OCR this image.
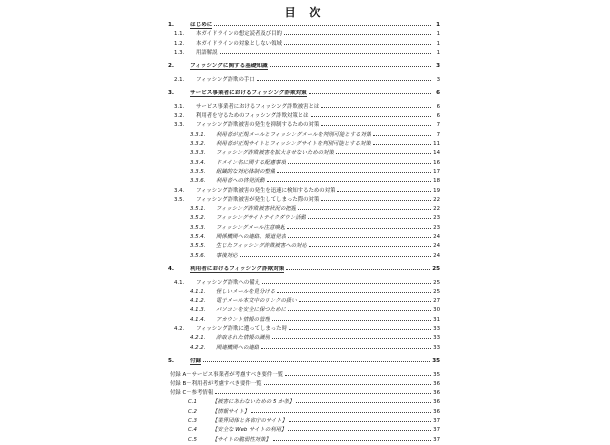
目 次
1.	はじめに	1
1.1.	本ガイドラインの想定読者及び目的	1
1.2.	本ガイドラインの対象としない領域	1
1.3.	用語解説	1
2.	フィッシングに関する基礎知識	3
2.1.	フィッシング詐欺の手口	3
3.	サービス事業者におけるフィッシング詐欺対策	6
3.1.	サービス事業者におけるフィッシング詐欺被害とは	6
3.2.	利用者を守るためのフィッシング詐欺対策とは	6
3.3.	フィッシング詐欺被害の発生を抑制するための対策	7
3.3.1.	利用者が正規メールとフィッシングメールを判別可能とする対策	7
3.3.2.	利用者が正規サイトとフィッシングサイトを判別可能とする対策	11
3.3.3.	フィッシング詐欺被害を拡大させないための対策	14
3.3.4.	ドメイン名に関する配慮事項	16
3.3.5.	組織的な対応体制の整備	17
3.3.6.	利用者への啓発活動	18
3.4.	フィッシング詐欺被害の発生を迅速に検知するための対策	19
3.5.	フィッシング詐欺被害が発生してしまった際の対策	22
3.5.1.	フィッシング詐欺被害状況の把握	22
3.5.2.	フィッシングサイトテイクダウン活動	23
3.5.3.	フィッシングメール注意喚起	23
3.5.4.	関係機関への連絡、報道発表	24
3.5.5.	生じたフィッシング詐欺被害への対応	24
3.5.6.	事後対応	24
4.	利用者におけるフィッシング詐欺対策	25
4.1.	フィッシング詐欺への備え	25
4.1.1.	怪しいメールを見分ける	25
4.1.2.	電子メール本文中のリンクの扱い	27
4.1.3.	パソコンを安全に保つために	30
4.1.4.	アカウント情報の管理	31
4.2.	フィッシング詐欺に遭ってしまった時	33
4.2.1.	詐取された情報の識別	33
4.2.2.	関連機関への連絡	33
5.	付録	35
付録 A－サービス事業者が考慮すべき要件一覧	35
付録 B－利用者が考慮すべき要件一覧	36
付録 C－参考情報	36
C.1	【被害にあわないための 5 か条】	36
C.2	【情報サイト】	36
C.3	【業界団体と各省庁のサイト】	37
C.4	【安全な Web サイトの利用】	37
C.5	【サイトの脆弱性対策】	37
